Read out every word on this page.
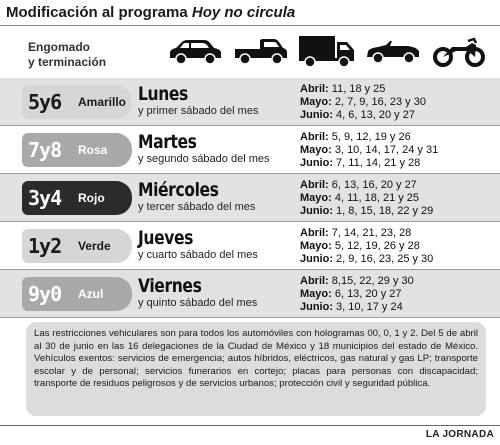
Modificación al programa Hoy no circula
Engomado
y terminación
5y6	Amarillo Lunes
y primer sábado del mes
Abril: 11, 18 y 25
Mayo: 2, 7, 9, 16, 23 y 30
Junio: 4, 6, 13, 20 y 27
7y8	Rosa Martes
y segundo sábado del mes
Abril: 5, 9, 12, 19 y 26
Mayo: 3, 10, 14, 17, 24 y 31
Junio: 7, 11, 14, 21 y 28
3y4	Rojo Miércoles
y tercer sábado del mes
Abril: 6, 13, 16, 20 y 27
Mayo: 4, 11, 18, 21 y 25
Junio: 1, 8, 15, 18, 22 y 29
1y2	Verde Jueves
y cuarto sábado del mes
Abril: 7, 14, 21, 23, 28
Mayo: 5, 12, 19, 26 y 28
Junio: 2, 9, 16, 23, 25 y 30
9y0	Azul Viernes
y quinto sábado del mes
Abril: 8,15, 22, 29 y 30
Mayo: 6, 13, 20 y 27
Junio: 3, 10, 17 y 24
Las restricciones vehiculares son para todos los automóviles con hologramas 00, 0, 1 y 2. Del 5 de abril al 30 de junio en las 16 delegaciones de la Ciudad de México y 18 municipios del estado de México. Vehículos exentos: servicios de emergencia; autos híbridos, eléctricos, gas natural y gas LP; transporte escolar y de personal; servicios funerarios en cortejo; placas para personas con discapacidad; transporte de residuos peligrosos y de servicios urbanos; protección civil y seguridad pública.
LA JORNADA
